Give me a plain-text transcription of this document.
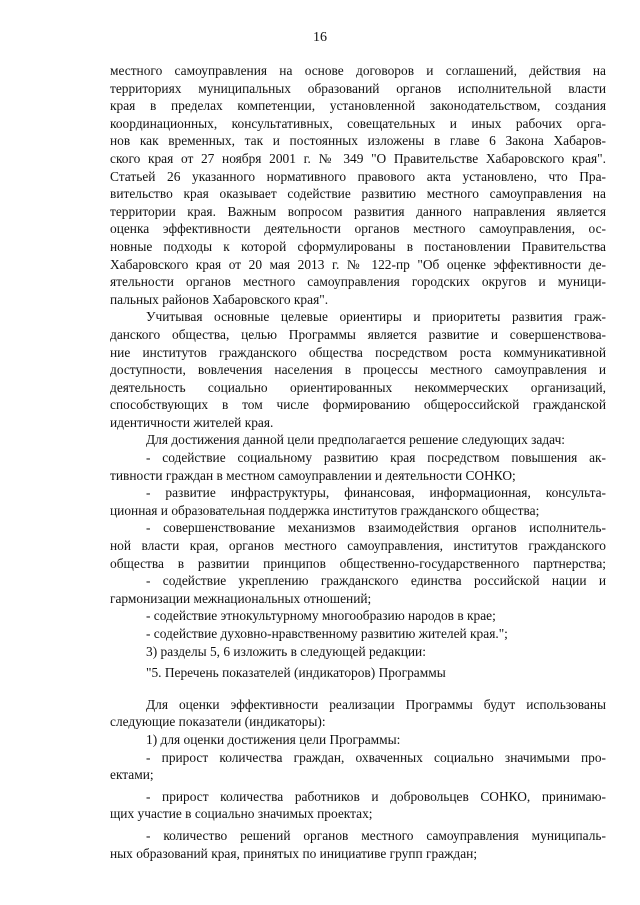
16
местного самоуправления на основе договоров и соглашений, действия на
территориях муниципальных образований органов исполнительной власти
края в пределах компетенции, установленной законодательством, создания
координационных, консультативных, совещательных и иных рабочих орга-
нов как временных, так и постоянных изложены в главе 6 Закона Хабаров-
ского края от 27 ноября 2001 г. № 349 "О Правительстве Хабаровского края".
Статьей 26 указанного нормативного правового акта установлено, что Пра-
вительство края оказывает содействие развитию местного самоуправления на
территории края. Важным вопросом развития данного направления является
оценка эффективности деятельности органов местного самоуправления, ос-
новные подходы к которой сформулированы в постановлении Правительства
Хабаровского края от 20 мая 2013 г. № 122-пр "Об оценке эффективности де-
ятельности органов местного самоуправления городских округов и муници-
пальных районов Хабаровского края".
Учитывая основные целевые ориентиры и приоритеты развития граж-
данского общества, целью Программы является развитие и совершенствова-
ние институтов гражданского общества посредством роста коммуникативной
доступности, вовлечения населения в процессы местного самоуправления и
деятельность социально ориентированных некоммерческих организаций,
способствующих в том числе формированию общероссийской гражданской
идентичности жителей края.
Для достижения данной цели предполагается решение следующих задач:
- содействие социальному развитию края посредством повышения ак-
тивности граждан в местном самоуправлении и деятельности СОНКО;
- развитие инфраструктуры, финансовая, информационная, консульта-
ционная и образовательная поддержка институтов гражданского общества;
- совершенствование механизмов взаимодействия органов исполнитель-
ной власти края, органов местного самоуправления, институтов гражданского
общества в развитии принципов общественно-государственного партнерства;
- содействие укреплению гражданского единства российской нации и
гармонизации межнациональных отношений;
- содействие этнокультурному многообразию народов в крае;
- содействие духовно-нравственному развитию жителей края.";
3) разделы 5, 6 изложить в следующей редакции:
"5. Перечень показателей (индикаторов) Программы
Для оценки эффективности реализации Программы будут использованы
следующие показатели (индикаторы):
1) для оценки достижения цели Программы:
- прирост количества граждан, охваченных социально значимыми про-
ектами;
- прирост количества работников и добровольцев СОНКО, принимаю-
щих участие в социально значимых проектах;
- количество решений органов местного самоуправления муниципаль-
ных образований края, принятых по инициативе групп граждан;
